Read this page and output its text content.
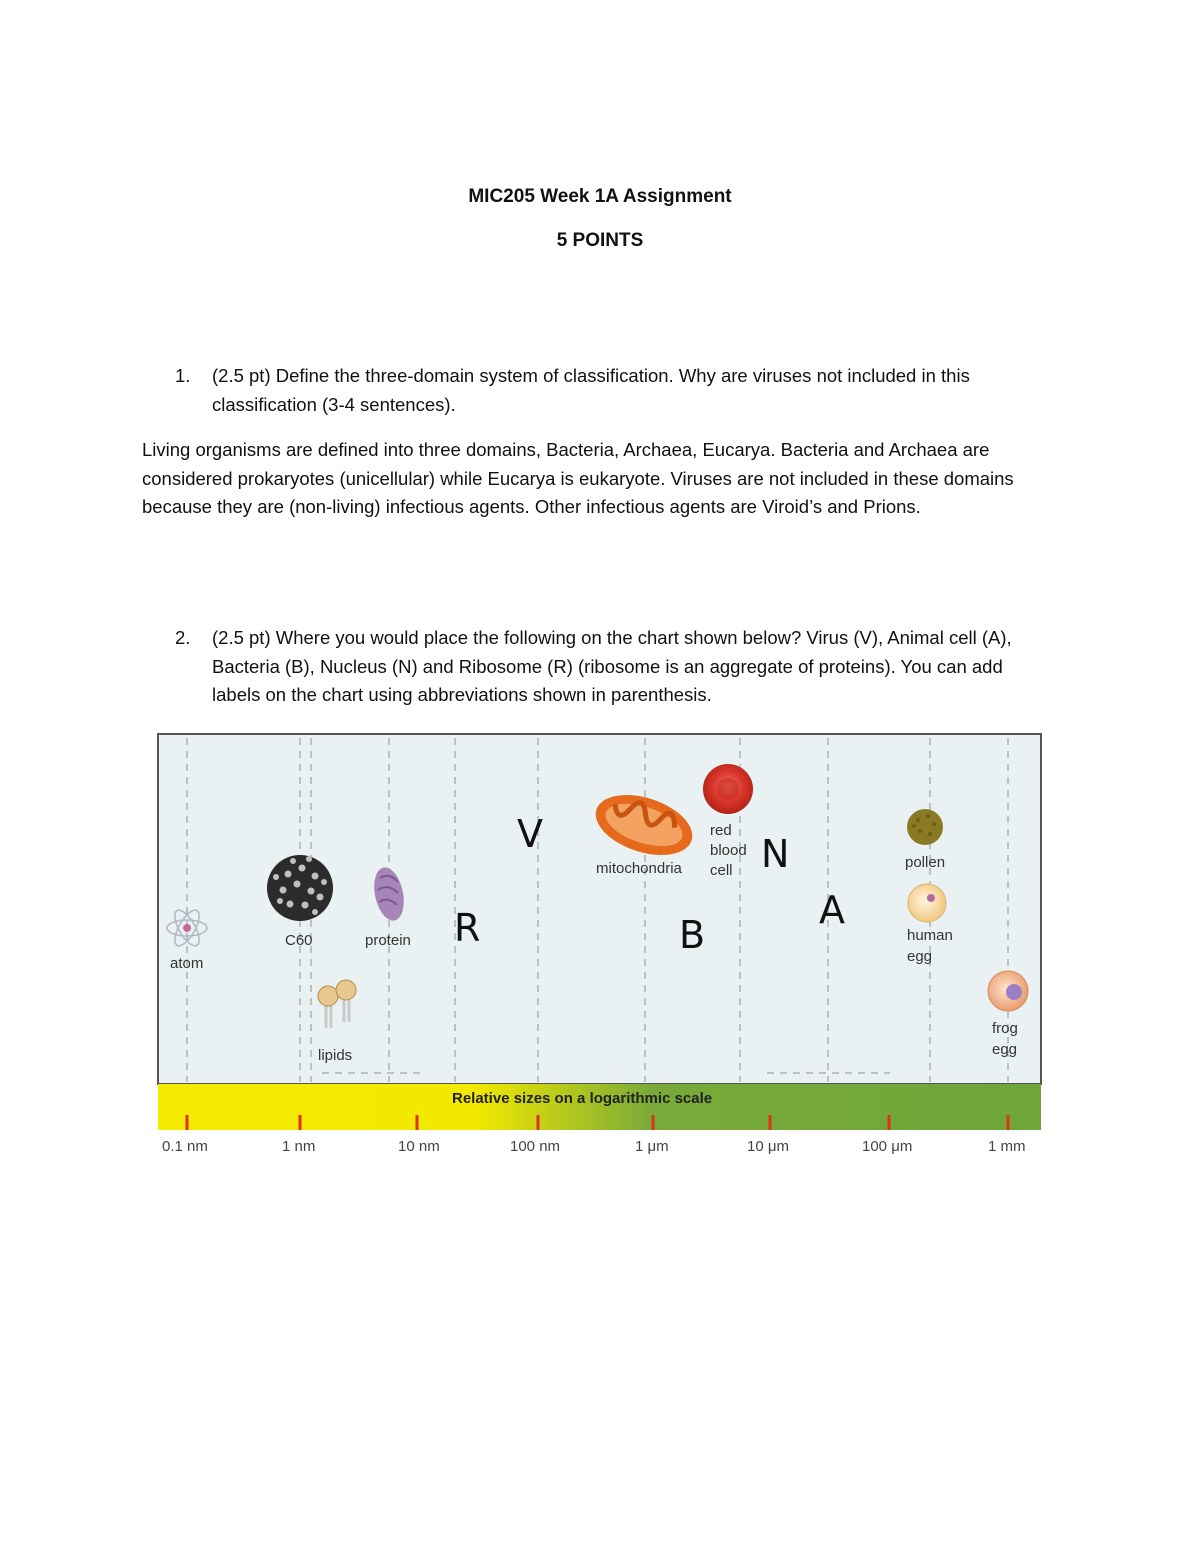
MIC205 Week 1A Assignment
5 POINTS
1. (2.5 pt) Define the three-domain system of classification. Why are viruses not included in this classification (3-4 sentences).
Living organisms are defined into three domains, Bacteria, Archaea, Eucarya. Bacteria and Archaea are considered prokaryotes (unicellular) while Eucarya is eukaryote. Viruses are not included in these domains because they are (non-living) infectious agents. Other infectious agents are Viroid’s and Prions.
2. (2.5 pt) Where you would place the following on the chart shown below? Virus (V), Animal cell (A), Bacteria (B), Nucleus (N) and Ribosome (R) (ribosome is an aggregate of proteins). You can add labels on the chart using abbreviations shown in parenthesis.
atom
C60	protein
lipids
mitochondria
red
blood
cell	pollen
human
egg
frog
egg
V
R	B
N
A
Relative sizes on a logarithmic scale
0.1 nm	1 nm	10 nm	100 nm	1 μm	10 μm	100 μm	1 mm
